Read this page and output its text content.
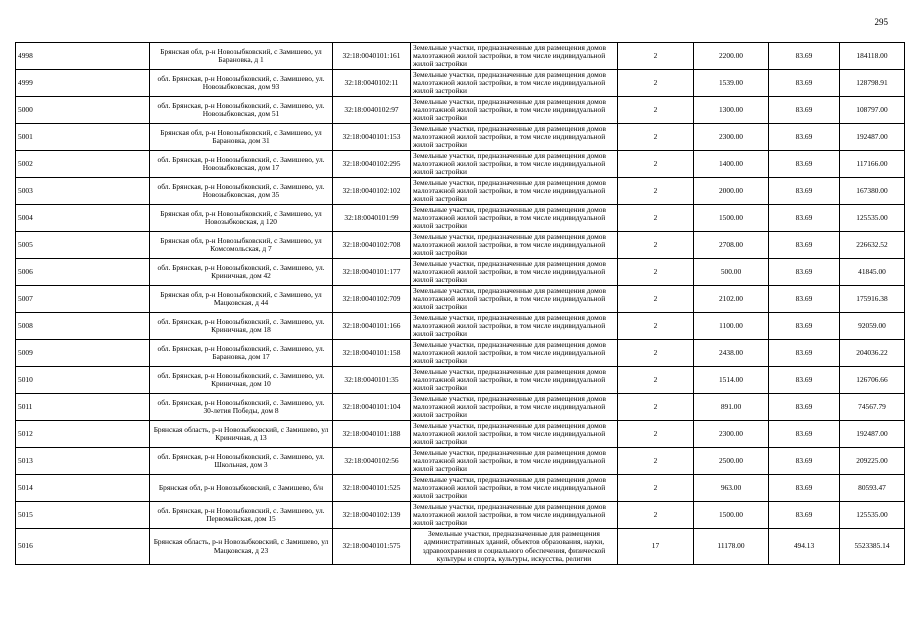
295
4998	Брянская обл, р-н Новозыбковский, с Замишево, ул Барановка, д 1	32:18:0040101:161	Земельные участки, предназначенные для размещения домов малоэтажной жилой застройки, в том числе индивидуальной жилой застройки	2	2200.00	83.69	184118.00
4999	обл. Брянская, р-н Новозыбковский, с. Замишево, ул. Новозыбковская, дом 93	32:18:0040102:11	Земельные участки, предназначенные для размещения домов малоэтажной жилой застройки, в том числе индивидуальной жилой застройки	2	1539.00	83.69	128798.91
5000	обл. Брянская, р-н Новозыбковский, с. Замишево, ул. Новозыбковская, дом 51	32:18:0040102:97	Земельные участки, предназначенные для размещения домов малоэтажной жилой застройки, в том числе индивидуальной жилой застройки	2	1300.00	83.69	108797.00
5001	Брянская обл, р-н Новозыбковский, с Замишево, ул Барановка, дом 31	32:18:0040101:153	Земельные участки, предназначенные для размещения домов малоэтажной жилой застройки, в том числе индивидуальной жилой застройки	2	2300.00	83.69	192487.00
5002	обл. Брянская, р-н Новозыбковский, с. Замишево, ул. Новозыбковская, дом 17	32:18:0040102:295	Земельные участки, предназначенные для размещения домов малоэтажной жилой застройки, в том числе индивидуальной жилой застройки	2	1400.00	83.69	117166.00
5003	обл. Брянская, р-н Новозыбковский, с. Замишево, ул. Новозыбковская, дом 35	32:18:0040102:102	Земельные участки, предназначенные для размещения домов малоэтажной жилой застройки, в том числе индивидуальной жилой застройки	2	2000.00	83.69	167380.00
5004	Брянская обл, р-н Новозыбковский, с Замишево, ул Новозыбковская, д 120	32:18:0040101:99	Земельные участки, предназначенные для размещения домов малоэтажной жилой застройки, в том числе индивидуальной жилой застройки	2	1500.00	83.69	125535.00
5005	Брянская обл, р-н Новозыбковский, с Замишево, ул Комсомольская, д 7	32:18:0040102:708	Земельные участки, предназначенные для размещения домов малоэтажной жилой застройки, в том числе индивидуальной жилой застройки	2	2708.00	83.69	226632.52
5006	обл. Брянская, р-н Новозыбковский, с. Замишево, ул. Криничная, дом 42	32:18:0040101:177	Земельные участки, предназначенные для размещения домов малоэтажной жилой застройки, в том числе индивидуальной жилой застройки	2	500.00	83.69	41845.00
5007	Брянская обл, р-н Новозыбковский, с Замишево, ул Мацковская, д 44	32:18:0040102:709	Земельные участки, предназначенные для размещения домов малоэтажной жилой застройки, в том числе индивидуальной жилой застройки	2	2102.00	83.69	175916.38
5008	обл. Брянская, р-н Новозыбковский, с. Замишево, ул. Криничная, дом 18	32:18:0040101:166	Земельные участки, предназначенные для размещения домов малоэтажной жилой застройки, в том числе индивидуальной жилой застройки	2	1100.00	83.69	92059.00
5009	обл. Брянская, р-н Новозыбковский, с. Замишево, ул. Барановка, дом 17	32:18:0040101:158	Земельные участки, предназначенные для размещения домов малоэтажной жилой застройки, в том числе индивидуальной жилой застройки	2	2438.00	83.69	204036.22
5010	обл. Брянская, р-н Новозыбковский, с. Замишево, ул. Криничная, дом 10	32:18:0040101:35	Земельные участки, предназначенные для размещения домов малоэтажной жилой застройки, в том числе индивидуальной жилой застройки	2	1514.00	83.69	126706.66
5011	обл. Брянская, р-н Новозыбковский, с. Замишево, ул. 30-летия Победы, дом 8	32:18:0040101:104	Земельные участки, предназначенные для размещения домов малоэтажной жилой застройки, в том числе индивидуальной жилой застройки	2	891.00	83.69	74567.79
5012	Брянская область, р-н Новозыбковский, с Замишево, ул Криничная, д 13	32:18:0040101:188	Земельные участки, предназначенные для размещения домов малоэтажной жилой застройки, в том числе индивидуальной жилой застройки	2	2300.00	83.69	192487.00
5013	обл. Брянская, р-н Новозыбковский, с. Замишево, ул. Школьная, дом 3	32:18:0040102:56	Земельные участки, предназначенные для размещения домов малоэтажной жилой застройки, в том числе индивидуальной жилой застройки	2	2500.00	83.69	209225.00
5014	Брянская обл, р-н Новозыбковский, с Замишево, б/н	32:18:0040101:525	Земельные участки, предназначенные для размещения домов малоэтажной жилой застройки, в том числе индивидуальной жилой застройки	2	963.00	83.69	80593.47
5015	обл. Брянская, р-н Новозыбковский, с. Замишево, ул. Первомайская, дом 15	32:18:0040102:139	Земельные участки, предназначенные для размещения домов малоэтажной жилой застройки, в том числе индивидуальной жилой застройки	2	1500.00	83.69	125535.00
5016	Брянская область, р-н Новозыбковский, с Замишево, ул Мацковская, д 23	32:18:0040101:575	Земельные участки, предназначенные для размещения административных зданий, объектов образования, науки, здравоохранения и социального обеспечения, физической культуры и спорта, культуры, искусства, религии	17	11178.00	494.13	5523385.14
